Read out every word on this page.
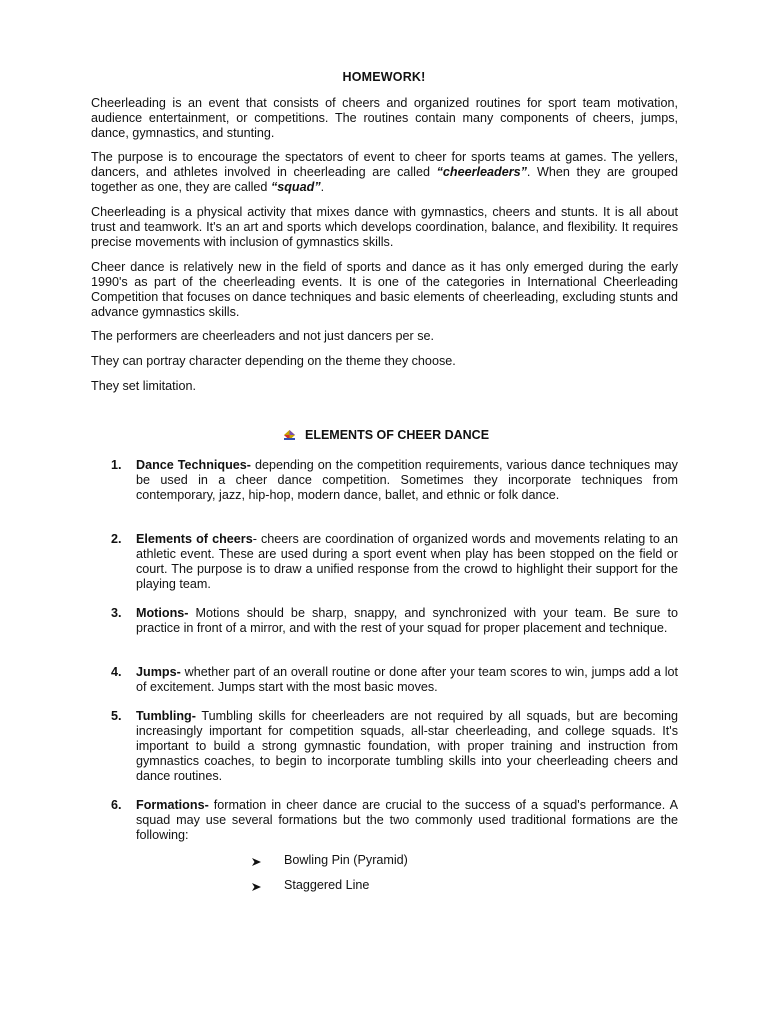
HOMEWORK!

Cheerleading is an event that consists of cheers and organized routines for sport team motivation, audience entertainment, or competitions. The routines contain many components of cheers, jumps, dance, gymnastics, and stunting.

The purpose is to encourage the spectators of event to cheer for sports teams at games. The yellers, dancers, and athletes involved in cheerleading are called “cheerleaders”. When they are grouped together as one, they are called “squad”.

Cheerleading is a physical activity that mixes dance with gymnastics, cheers and stunts. It is all about trust and teamwork. It's an art and sports which develops coordination, balance, and flexibility. It requires precise movements with inclusion of gymnastics skills.

Cheer dance is relatively new in the field of sports and dance as it has only emerged during the early 1990's as part of the cheerleading events. It is one of the categories in International Cheerleading Competition that focuses on dance techniques and basic elements of cheerleading, excluding stunts and advance gymnastics skills.

The performers are cheerleaders and not just dancers per se.

They can portray character depending on the theme they choose.

They set limitation.

ELEMENTS OF CHEER DANCE
1. Dance Techniques- depending on the competition requirements, various dance techniques may be used in a cheer dance competition. Sometimes they incorporate techniques from contemporary, jazz, hip-hop, modern dance, ballet, and ethnic or folk dance.
2. Elements of cheers- cheers are coordination of organized words and movements relating to an athletic event. These are used during a sport event when play has been stopped on the field or court. The purpose is to draw a unified response from the crowd to highlight their support for the playing team.
3. Motions- Motions should be sharp, snappy, and synchronized with your team. Be sure to practice in front of a mirror, and with the rest of your squad for proper placement and technique.
4. Jumps- whether part of an overall routine or done after your team scores to win, jumps add a lot of excitement. Jumps start with the most basic moves.
5. Tumbling- Tumbling skills for cheerleaders are not required by all squads, but are becoming increasingly important for competition squads, all-star cheerleading, and college squads. It's important to build a strong gymnastic foundation, with proper training and instruction from gymnastics coaches, to begin to incorporate tumbling skills into your cheerleading cheers and dance routines.
6. Formations- formation in cheer dance are crucial to the success of a squad's performance. A squad may use several formations but the two commonly used traditional formations are the following:
Bowling Pin (Pyramid)
Staggered Line
